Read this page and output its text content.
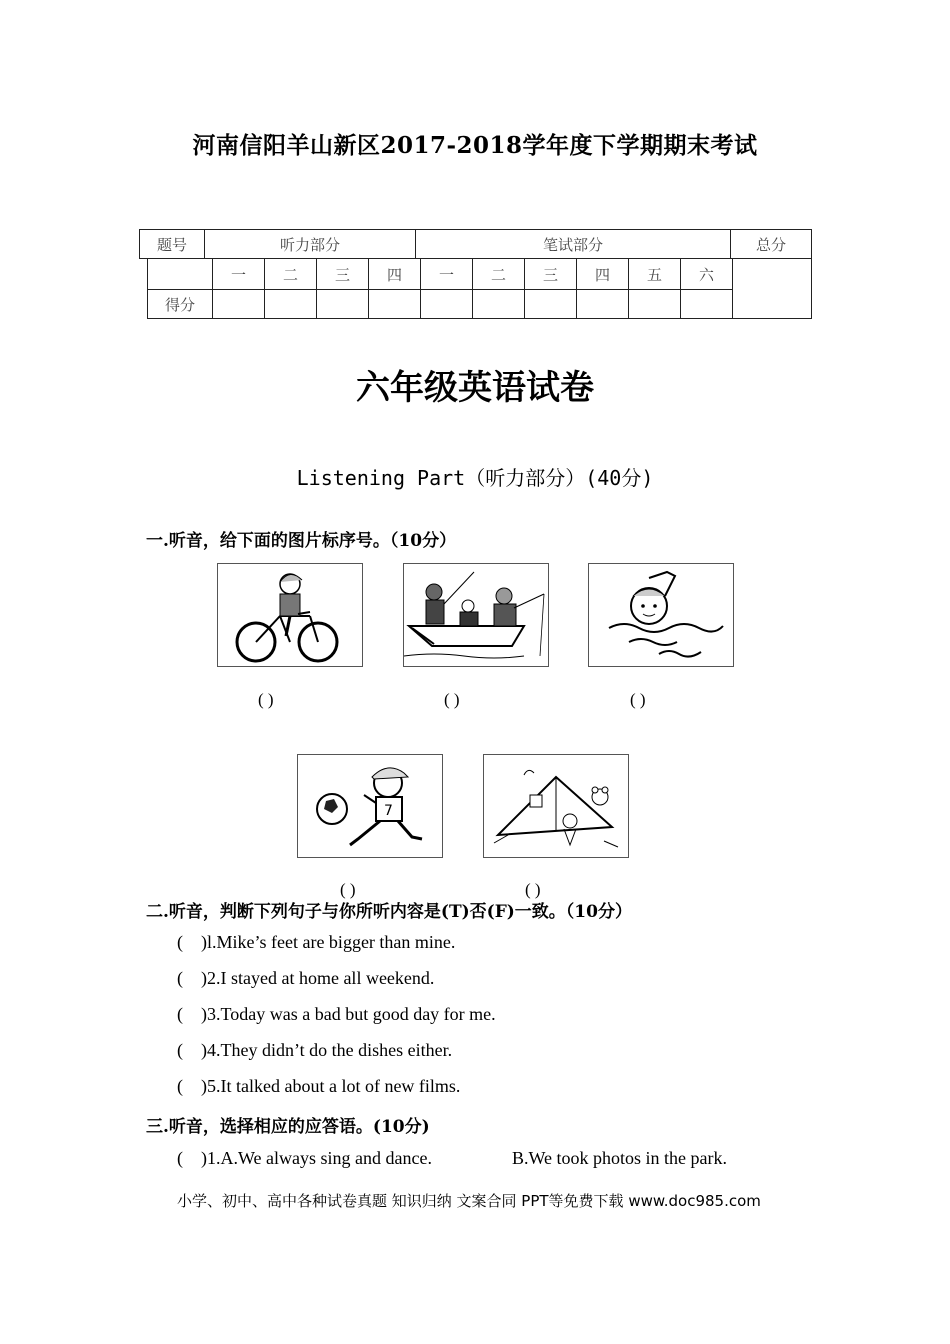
河南信阳羊山新区2017-2018学年度下学期期末考试
题号	听力部分	笔试部分	总分
	一	二	三	四	一	二	三	四	五	六	
得分											
六年级英语试卷
Listening Part（听力部分）(40分)
一.听音，给下面的图片标序号。（10分）
( )	( )	( )
7
( )	( )
二.听音，判断下列句子与你所听内容是(T)否(F)一致。（10分）
(    )l.Mike’s feet are bigger than mine.
(    )2.I stayed at home all weekend.
(    )3.Today was a bad but good day for me.
(    )4.They didn’t do the dishes either.
(    )5.It talked about a lot of new films.
三.听音，选择相应的应答语。(10分)
(    )1.A.We always sing and dance.	B.We took photos in the park.
小学、初中、高中各种试卷真题 知识归纳 文案合同 PPT等免费下载 www.doc985.com
